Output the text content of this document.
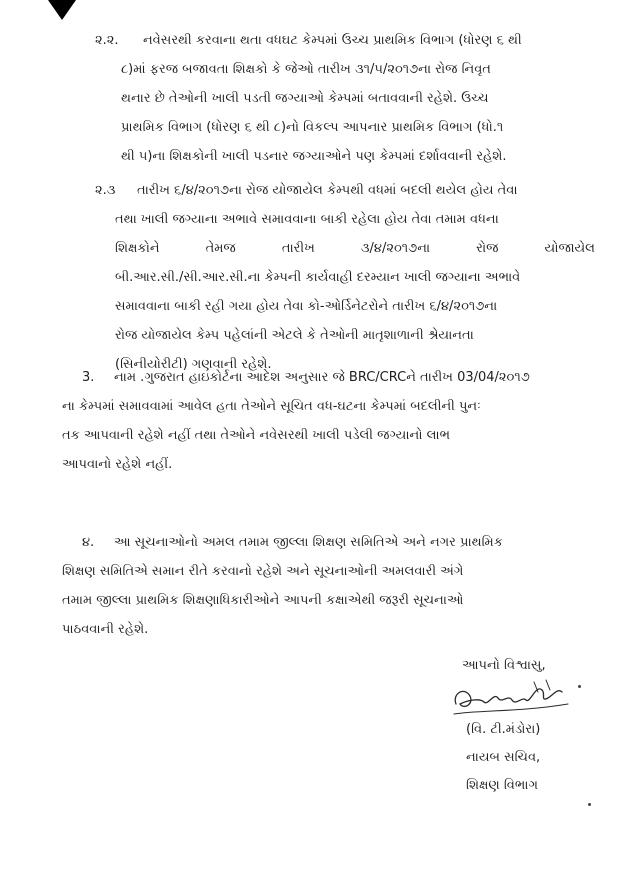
૨.૨. નવેસરથી કરવાના થતા વધઘટ કેમ્પમાં ઉચ્ચ પ્રાથમિક વિભાગ (ધોરણ ૬ થી
૮)માં ફરજ બજાવતા શિક્ષકો કે જેઓ તારીખ ૩૧/૫/૨૦૧૭ના રોજ નિવૃત
થનાર છે તેઓની ખાલી પડતી જગ્યાઓ કેમ્પમાં બતાવવાની રહેશે. ઉચ્ચ
પ્રાથમિક વિભાગ (ધોરણ ૬ થી ૮)નો વિકલ્પ આપનાર પ્રાથમિક વિભાગ (ધો.૧
થી ૫)ના શિક્ષકોની ખાલી પડનાર જગ્યાઓને પણ કેમ્પમાં દર્શાવવાની રહેશે.
૨.૩ તારીખ ૬/૪/૨૦૧૭ના રોજ યોજાયેલ કેમ્પથી વધમાં બદલી થયેલ હોય તેવા
તથા ખાલી જગ્યાના અભાવે સમાવવાના બાકી રહેલા હોય તેવા તમામ વધના
શિક્ષકોને તેમજ તારીખ ૩/૪/૨૦૧૭ના રોજ યોજાયેલ
બી.આર.સી./સી.આર.સી.ના કેમ્પની કાર્યવાહી દરમ્યાન ખાલી જગ્યાના અભાવે
સમાવવાના બાકી રહી ગયા હોય તેવા કો-ઓર્ડિનેટરોને તારીખ ૬/૪/૨૦૧૭ના
રોજ યોજાયેલ કેમ્પ પહેલાંની એટલે કે તેઓની માતૃશાળાની શ્રેયાનતા
(સિનીયોરીટી) ગણવાની રહેશે.
3. નામ .ગુજરાત હાઇકોર્ટના આદેશ અનુસાર જે BRC/CRCને તારીખ 03/04/૨૦૧૭
ના કેમ્પમાં સમાવવામાં આવેલ હતા તેઓને સૂચિત વધ-ઘટના કેમ્પમાં બદલીની પુનઃ
તક આપવાની રહેશે નહીં તથા તેઓને નવેસરથી ખાલી પડેલી જગ્યાનો લાભ
આપવાનો રહેશે નહીં.
૪. આ સૂચનાઓનો અમલ તમામ જીલ્લા શિક્ષણ સમિતિએ અને નગર પ્રાથમિક
શિક્ષણ સમિતિએ સમાન રીતે કરવાનો રહેશે અને સૂચનાઓની અમલવારી અંગે
તમામ જીલ્લા પ્રાથમિક શિક્ષણાધિકારીઓને આપની કક્ષાએથી જરૂરી સૂચનાઓ
પાઠવવાની રહેશે.
આપનો વિશ્વાસુ,
(વિ. ટી.મંડોરા)
નાયબ સચિવ,
શિક્ષણ વિભાગ
